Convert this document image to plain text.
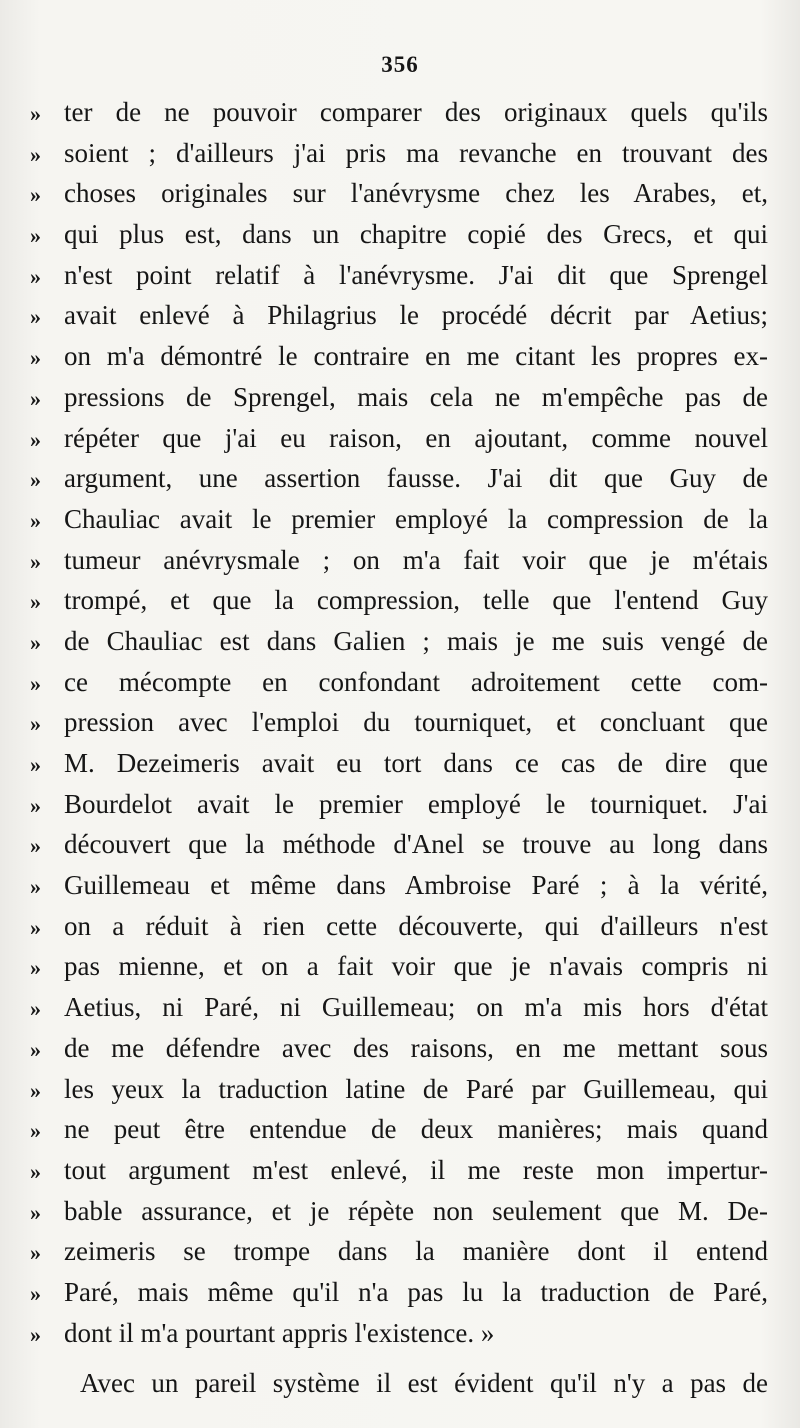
356
» ter de ne pouvoir comparer des originaux quels qu'ils
» soient ; d'ailleurs j'ai pris ma revanche en trouvant des
» choses originales sur l'anévrysme chez les Arabes, et,
» qui plus est, dans un chapitre copié des Grecs, et qui
» n'est point relatif à l'anévrysme. J'ai dit que Sprengel
» avait enlevé à Philagrius le procédé décrit par Aetius;
» on m'a démontré le contraire en me citant les propres ex-
» pressions de Sprengel, mais cela ne m'empêche pas de
» répéter que j'ai eu raison, en ajoutant, comme nouvel
» argument, une assertion fausse. J'ai dit que Guy de
» Chauliac avait le premier employé la compression de la
» tumeur anévrysmale ; on m'a fait voir que je m'étais
» trompé, et que la compression, telle que l'entend Guy
» de Chauliac est dans Galien ; mais je me suis vengé de
» ce mécompte en confondant adroitement cette com-
» pression avec l'emploi du tourniquet, et concluant que
» M. Dezeimeris avait eu tort dans ce cas de dire que
» Bourdelot avait le premier employé le tourniquet. J'ai
» découvert que la méthode d'Anel se trouve au long dans
» Guillemeau et même dans Ambroise Paré ; à la vérité,
» on a réduit à rien cette découverte, qui d'ailleurs n'est
» pas mienne, et on a fait voir que je n'avais compris ni
» Aetius, ni Paré, ni Guillemeau; on m'a mis hors d'état
» de me défendre avec des raisons, en me mettant sous
» les yeux la traduction latine de Paré par Guillemeau, qui
» ne peut être entendue de deux manières; mais quand
» tout argument m'est enlevé, il me reste mon impertur-
» bable assurance, et je répète non seulement que M. De-
» zeimeris se trompe dans la manière dont il entend
» Paré, mais même qu'il n'a pas lu la traduction de Paré,
» dont il m'a pourtant appris l'existence. »
Avec un pareil système il est évident qu'il n'y a pas de
